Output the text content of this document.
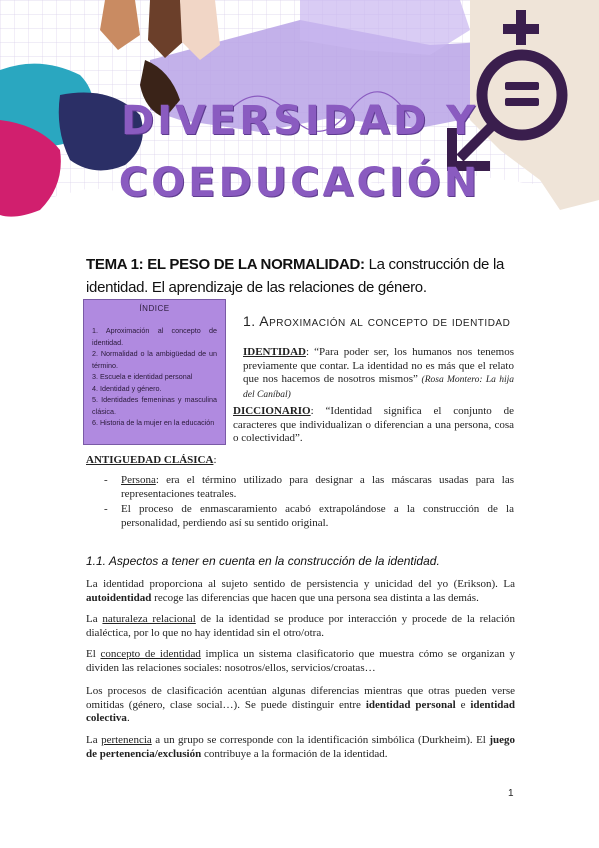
DIVERSIDAD Y
COEDUCACIÓN
TEMA 1: EL PESO DE LA NORMALIDAD: La construcción de la identidad. El aprendizaje de las relaciones de género.
ÍNDICE
1. Aproximación al concepto de identidad.
2. Normalidad o la ambigüedad de un término.
3. Escuela e identidad personal
4. Identidad y género.
5. Identidades femeninas y masculina clásica.
6. Historia de la mujer en la educación
1. Aproximación al concepto de identidad
IDENTIDAD: “Para poder ser, los humanos nos tenemos previamente que contar. La identidad no es más que el relato que nos hacemos de nosotros mismos” (Rosa Montero: La hija del Caníbal)
DICCIONARIO: “Identidad significa el conjunto de caracteres que individualizan o diferencian a una persona, cosa o colectividad”.
ANTIGUEDAD CLÁSICA:
- Persona: era el término utilizado para designar a las máscaras usadas para las representaciones teatrales.
- El proceso de enmascaramiento acabó extrapolándose a la construcción de la personalidad, perdiendo así su sentido original.
1.1. Aspectos a tener en cuenta en la construcción de la identidad.
La identidad proporciona al sujeto sentido de persistencia y unicidad del yo (Erikson). La autoidentidad recoge las diferencias que hacen que una persona sea distinta a las demás.
La naturaleza relacional de la identidad se produce por interacción y procede de la relación dialéctica, por lo que no hay identidad sin el otro/otra.
El concepto de identidad implica un sistema clasificatorio que muestra cómo se organizan y dividen las relaciones sociales: nosotros/ellos, servicios/croatas…
Los procesos de clasificación acentúan algunas diferencias mientras que otras pueden verse omitidas (género, clase social…). Se puede distinguir entre identidad personal e identidad colectiva.
La pertenencia a un grupo se corresponde con la identificación simbólica (Durkheim). El juego de pertenencia/exclusión contribuye a la formación de la identidad.
1
